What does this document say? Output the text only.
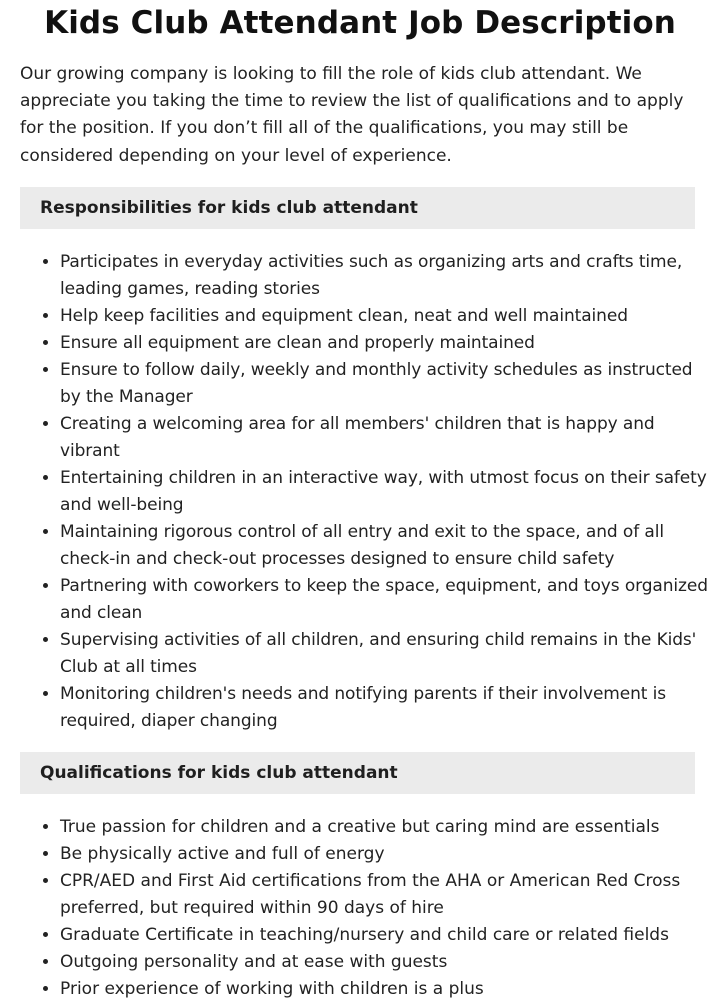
Kids Club Attendant Job Description

Our growing company is looking to fill the role of kids club attendant. We appreciate you taking the time to review the list of qualifications and to apply for the position. If you don’t fill all of the qualifications, you may still be considered depending on your level of experience.

Responsibilities for kids club attendant
• Participates in everyday activities such as organizing arts and crafts time, leading games, reading stories
• Help keep facilities and equipment clean, neat and well maintained
• Ensure all equipment are clean and properly maintained
• Ensure to follow daily, weekly and monthly activity schedules as instructed by the Manager
• Creating a welcoming area for all members' children that is happy and vibrant
• Entertaining children in an interactive way, with utmost focus on their safety and well-being
• Maintaining rigorous control of all entry and exit to the space, and of all check-in and check-out processes designed to ensure child safety
• Partnering with coworkers to keep the space, equipment, and toys organized and clean
• Supervising activities of all children, and ensuring child remains in the Kids' Club at all times
• Monitoring children's needs and notifying parents if their involvement is required, diaper changing
Qualifications for kids club attendant
• True passion for children and a creative but caring mind are essentials
• Be physically active and full of energy
• CPR/AED and First Aid certifications from the AHA or American Red Cross preferred, but required within 90 days of hire
• Graduate Certificate in teaching/nursery and child care or related fields
• Outgoing personality and at ease with guests
• Prior experience of working with children is a plus
